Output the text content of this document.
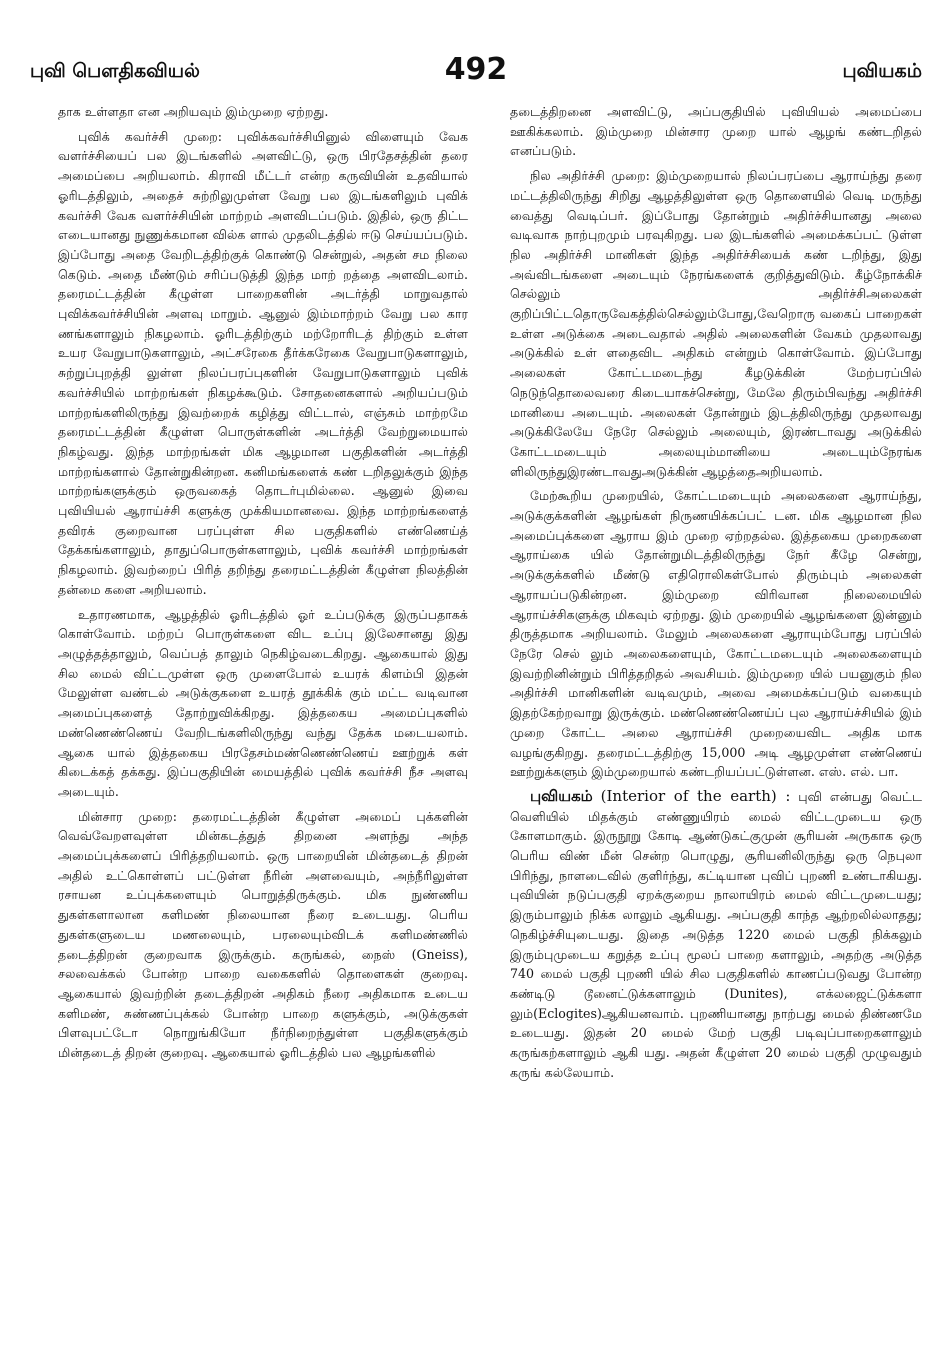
புவி பௌதிகவியல்	492	புவியகம்

தாக உள்ளதா என அறியவும் இம்முறை ஏற்றது.

புவிக் கவர்ச்சி முறை: புவிக்கவர்ச்சியினுல் விளையும் வேக வளர்ச்சியைப் பல இடங்களில் அளவிட்டு, ஒரு பிரதேசத்தின் தரை அமைப்பை அறியலாம். கிராவி மீட்டர் என்ற கருவியின் உதவியால் ஓரிடத்திலும், அதைச் சுற்றிலுமுள்ள வேறு பல இடங்களிலும் புவிக் கவர்ச்சி வேக வளர்ச்சியின் மாற்றம் அளவிடப்படும். இதில், ஒரு திட்ட எடையானது நுணுக்கமான வில்க ளால் முதலிடத்தில் ஈடு செய்யப்படும். இப்போது அதை வேறிடத்திற்குக் கொண்டு சென்றுல், அதன் சம நிலை கெடும். அதை மீண்டும் சரிப்படுத்தி இந்த மாற் றத்தை அளவிடலாம். தரைமட்டத்தின் கீழுள்ள பாறைகளின் அடர்த்தி மாறுவதால் புவிக்கவர்ச்சியின் அளவு மாறும். ஆனுல் இம்மாற்றம் வேறு பல கார ணங்களாலும் நிகழலாம். ஓரிடத்திற்கும் மற்றோரிடத் திற்கும் உள்ள உயர வேறுபாடுகளாலும், அட்சரேகை தீர்க்கரேகை வேறுபாடுகளாலும், சுற்றுப்புறத்தி லுள்ள நிலப்பரப்புகளின் வேறுபாடுகளாலும் புவிக் கவர்ச்சியில் மாற்றங்கள் நிகழக்கூடும். சோதனைகளால் அறியப்படும் மாற்றங்களிலிருந்து இவற்றைக் கழித்து விட்டால், எஞ்சும் மாற்றமே தரைமட்டத்தின் கீழுள்ள பொருள்களின் அடர்த்தி வேற்றுமையால் நிகழ்வது. இந்த மாற்றங்கள் மிக ஆழமான பகுதிகளின் அடர்த்தி மாற்றங்களால் தோன்றுகின்றன. கனிமங்களைக் கண் டறிதலுக்கும் இந்த மாற்றங்களுக்கும் ஒருவகைத் தொடர்புமில்லை. ஆனுல் இவை புவியியல் ஆராய்ச்சி களுக்கு முக்கியமானவை. இந்த மாற்றங்களைத் தவிரக் குறைவான பரப்புள்ள சில பகுதிகளில் எண்ணெய்த் தேக்கங்களாலும், தாதுப்பொருள்களாலும், புவிக் கவர்ச்சி மாற்றங்கள் நிகழலாம். இவற்றைப் பிரித் தறிந்து தரைமட்டத்தின் கீழுள்ள நிலத்தின் தன்மை களை அறியலாம்.

உதாரணமாக, ஆழத்தில் ஓரிடத்தில் ஓர் உப்படுக்கு இருப்பதாகக் கொள்வோம். மற்றப் பொருள்களை விட உப்பு இலேசானது இது அழுத்தத்தாலும், வெப்பத் தாலும் நெகிழ்வடைகிறது. ஆகையால் இது சில மைல் விட்டமுள்ள ஒரு முளைபோல் உயரக் கிளம்பி இதன் மேலுள்ள வண்டல் அடுக்குகளை உயரத் தூக்கிக் கும் மட்ட வடிவான அமைப்புகளைத் தோற்றுவிக்கிறது. இத்தகைய அமைப்புகளில் மண்ணெண்ணெய் வேறிடங்களிலிருந்து வந்து தேக்க மடையலாம். ஆகை யால் இத்தகைய பிரதேசம்மண்ணெண்ணெய் ஊற்றுக் கள் கிடைக்கத் தக்கது. இப்பகுதியின் மையத்தில் புவிக் கவர்ச்சி நீச அளவு அடையும்.

மின்சார முறை: தரைமட்டத்தின் கீழுள்ள அமைப் புக்களின் வெவ்வேறளவுள்ள மின்கடத்துத் திறனை அளந்து அந்த அமைப்புக்களைப் பிரித்தறியலாம். ஒரு பாறையின் மின்தடைத் திறன் அதில் உட்கொள்ளப் பட்டுள்ள நீரின் அளவையும், அந்நீரிலுள்ள ரசாயன உப்புக்களையும் பொறுத்திருக்கும். மிக நுண்ணிய துகள்களாலான களிமண் நிலையான நீரை உடையது. பெரிய துகள்களுடைய மணலையும், பரலையும்விடக் களிமண்ணில் தடைத்திறன் குறைவாக இருக்கும். கருங்கல், நைஸ் (Gneiss), சலவைக்கல் போன்ற பாறை வகைகளில் தொளைகள் குறைவு. ஆகையால் இவற்றின் தடைத்திறன் அதிகம் நீரை அதிகமாக உடைய களிமண், சுண்ணப்புக்கல் போன்ற பாறை களுக்கும், அடுக்குகள் பிளவுபட்டோ நொறுங்கியோ நீர்நிறைந்துள்ள பகுதிகளுக்கும் மின்தடைத் திறன் குறைவு. ஆகையால் ஓரிடத்தில் பல ஆழங்களில்

தடைத்திறனை அளவிட்டு, அப்பகுதியில் புவியியல் அமைப்பை ஊகிக்கலாம். இம்முறை மின்சார முறை யால் ஆழங் கண்டறிதல் எனப்படும்.

நில அதிர்ச்சி முறை: இம்முறையால் நிலப்பரப்பை ஆராய்ந்து தரை மட்டத்திலிருந்து சிறிது ஆழத்திலுள்ள ஒரு தொளையில் வெடி மருந்து வைத்து வெடிப்பர். இப்போது தோன்றும் அதிர்ச்சியானது அலை வடிவாக நாற்புறமும் பரவுகிறது. பல இடங்களில் அமைக்கப்பட் டுள்ள நில அதிர்ச்சி மானிகள் இந்த அதிர்ச்சியைக் கண் டறிந்து, இது அவ்விடங்களை அடையும் நேரங்களைக் குறித்துவிடும். கீழ்நோக்கிச் செல்லும் அதிர்ச்சிஅலைகள் குறிப்பிட்டதொருவேகத்தில்செல்லும்போது,வேறொரு வகைப் பாறைகள் உள்ள அடுக்கை அடைவதால் அதில் அலைகளின் வேகம் முதலாவது அடுக்கில் உள் ளதைவிட அதிகம் என்றும் கொள்வோம். இப்போது அலைகள் கோட்டமடைந்து கீழடுக்கின் மேற்பரப்பில் நெடுந்தொலைவரை கிடையாகச்சென்று, மேலே திரும்பிவந்து அதிர்ச்சி மானியை அடையும். அலைகள் தோன்றும் இடத்திலிருந்து முதலாவது அடுக்கிலேயே நேரே செல்லும் அலையும், இரண்டாவது அடுக்கில் கோட்டமடையும் அலையும்மானியை அடையும்நேரங்க ளிலிருந்துஇரண்டாவதுஅடுக்கின் ஆழத்தைஅறியலாம்.

மேற்கூறிய முறையில், கோட்டமடையும் அலைகளை ஆராய்ந்து, அடுக்குக்களின் ஆழங்கள் நிருணயிக்கப்பட் டன. மிக ஆழமான நில அமைப்புக்களை ஆராய இம் முறை ஏற்றதல்ல. இத்தகைய முறைகளை ஆராய்கை யில் தோன்றுமிடத்திலிருந்து நேர் கீழே சென்று, அடுக்குக்களில் மீண்டு எதிரொலிகள்போல் திரும்பும் அலைகள் ஆராயப்படுகின்றன. இம்முறை விரிவான நிலைமையில் ஆராய்ச்சிகளுக்கு மிகவும் ஏற்றது. இம் முறையில் ஆழங்களை இன்னும் திருத்தமாக அறியலாம். மேலும் அலைகளை ஆராயும்போது பரப்பில் நேரே செல் லும் அலைகளையும், கோட்டமடையும் அலைகளையும் இவற்றினின்றும் பிரித்தறிதல் அவசியம். இம்முறை யில் பயனுகும் நில அதிர்ச்சி மானிகளின் வடிவமும், அவை அமைக்கப்படும் வகையும் இதற்கேற்றவாறு இருக்கும். மண்ணெண்ணெய்ப் புல ஆராய்ச்சியில் இம் முறை கோட்ட அலை ஆராய்ச்சி முறையைவிட அதிக மாக வழங்குகிறது. தரைமட்டத்திற்கு 15,000 அடி ஆழமுள்ள எண்ணெய் ஊற்றுக்களும் இம்முறையால் கண்டறியப்பட்டுள்ளன. எஸ். எல். பா.

புவியகம் (Interior of the earth) : புவி என்பது வெட்ட வெளியில் மிதக்கும் எண்ணுயிரம் மைல் விட்டமுடைய ஒரு கோளமாகும். இருநூறு கோடி ஆண்டுகட்குமுன் சூரியன் அருகாக ஒரு பெரிய விண் மீன் சென்ற பொழுது, சூரியனிலிருந்து ஒரு நெபுலா பிரிந்து, நாளடைவில் குளிர்ந்து, கட்டியான புவிப் புறணி உண்டாகியது. புவியின் நடுப்பகுதி ஏறக்குறைய நாலாயிரம் மைல் விட்டமுடையது; இரும்பாலும் நிக்க லாலும் ஆகியது. அப்பகுதி காந்த ஆற்றலில்லாதது; நெகிழ்ச்சியுடையது. இதை அடுத்த 1220 மைல் பகுதி நிக்கலும் இரும்புமுடைய கறுத்த உப்பு மூலப் பாறை களாலும், அதற்கு அடுத்த 740 மைல் பகுதி புறணி யில் சில பகுதிகளில் காணப்படுவது போன்ற கண்டிடு டூனைட்டுக்களாலும் (Dunites), எக்லஜைட்டுக்களா லும்(Eclogites)ஆகியனவாம். புறணியானது நாற்பது மைல் திண்ணமே உடையது. இதன் 20 மைல் மேற் பகுதி படிவுப்பாறைகளாலும் கருங்கற்களாலும் ஆகி யது. அதன் கீழுள்ள 20 மைல் பகுதி முழுவதும் கருங் கல்லேயாம்.
